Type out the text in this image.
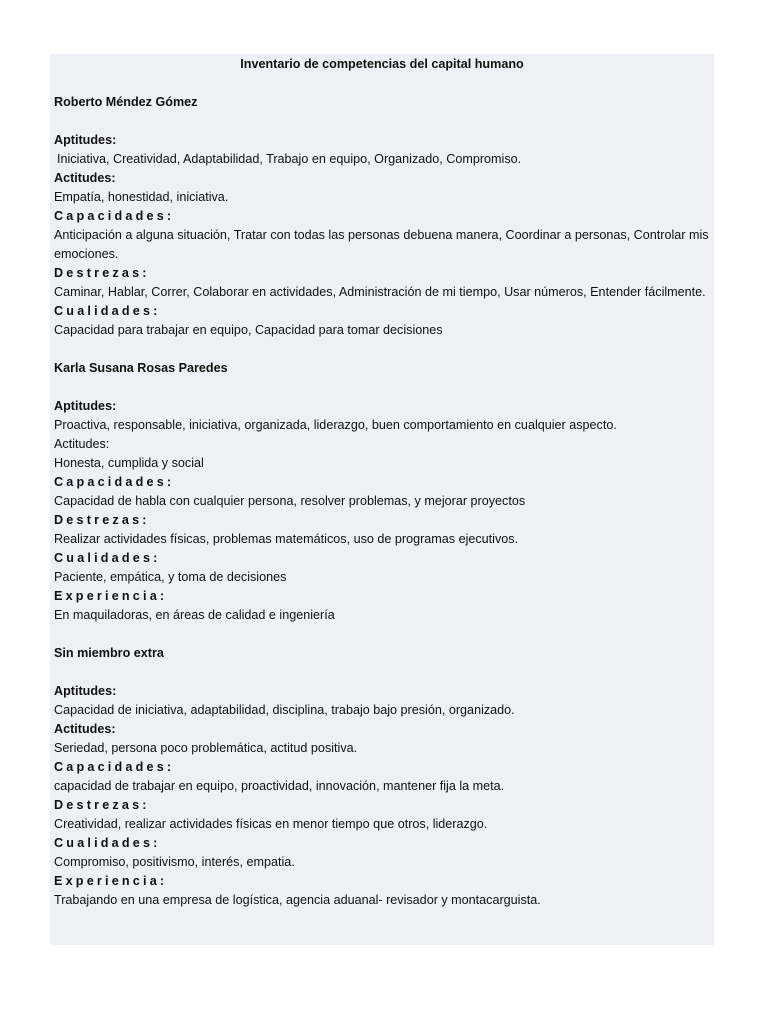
Inventario de competencias del capital humano
Roberto Méndez Gómez
Aptitudes:
Iniciativa, Creatividad, Adaptabilidad, Trabajo en equipo, Organizado, Compromiso.
Actitudes:
Empatía, honestidad, iniciativa.
Capacidades:
Anticipación a alguna situación, Tratar con todas las personas debuena manera, Coordinar a personas, Controlar mis emociones.
Destrezas:
Caminar, Hablar, Correr, Colaborar en actividades, Administración de mi tiempo, Usar números, Entender fácilmente.
Cualidades:
Capacidad para trabajar en equipo, Capacidad para tomar decisiones
Karla Susana Rosas Paredes
Aptitudes:
Proactiva, responsable, iniciativa, organizada, liderazgo, buen comportamiento en cualquier aspecto.
Actitudes:
Honesta, cumplida y social
Capacidades:
Capacidad de habla con cualquier persona, resolver problemas, y mejorar proyectos
Destrezas:
Realizar actividades físicas, problemas matemáticos, uso de programas ejecutivos.
Cualidades:
Paciente, empática, y toma de decisiones
Experiencia:
En maquiladoras, en áreas de calidad e ingeniería
Sin miembro extra
Aptitudes:
Capacidad de iniciativa, adaptabilidad, disciplina, trabajo bajo presión, organizado.
Actitudes:
Seriedad, persona poco problemática, actitud positiva.
Capacidades:
capacidad de trabajar en equipo, proactividad, innovación, mantener fija la meta.
Destrezas:
Creatividad, realizar actividades físicas en menor tiempo que otros, liderazgo.
Cualidades:
Compromiso, positivismo, interés, empatia.
Experiencia:
Trabajando en una empresa de logística, agencia aduanal- revisador y montacarguista.
